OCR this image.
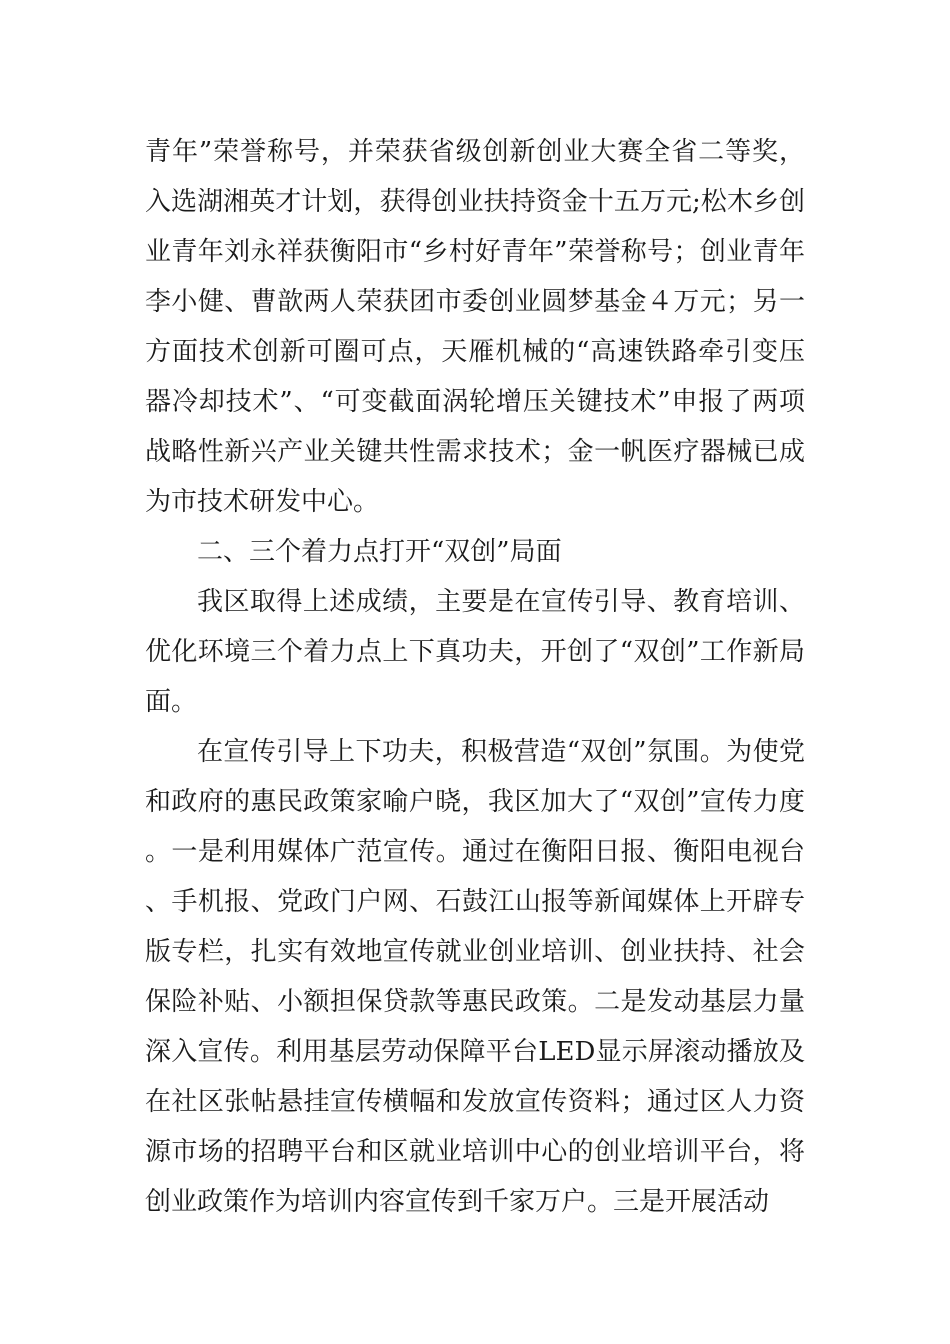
青年”荣誉称号，并荣获省级创新创业大赛全省二等奖，入选湖湘英才计划，获得创业扶持资金十五万元;松木乡创业青年刘永祥获衡阳市“乡村好青年”荣誉称号；创业青年李小健、曹歆两人荣获团市委创业圆梦基金４万元；另一方面技术创新可圈可点，天雁机械的“高速铁路牵引变压器冷却技术”、“可变截面涡轮增压关键技术”申报了两项战略性新兴产业关键共性需求技术；金一帆医疗器械已成为市技术研发中心。

二、三个着力点打开“双创”局面

我区取得上述成绩，主要是在宣传引导、教育培训、优化环境三个着力点上下真功夫，开创了“双创”工作新局面。

在宣传引导上下功夫，积极营造“双创”氛围。为使党和政府的惠民政策家喻户晓，我区加大了“双创”宣传力度。一是利用媒体广范宣传。通过在衡阳日报、衡阳电视台、手机报、党政门户网、石鼓江山报等新闻媒体上开辟专版专栏，扎实有效地宣传就业创业培训、创业扶持、社会保险补贴、小额担保贷款等惠民政策。二是发动基层力量深入宣传。利用基层劳动保障平台LED显示屏滚动播放及在社区张帖悬挂宣传横幅和发放宣传资料；通过区人力资源市场的招聘平台和区就业培训中心的创业培训平台，将创业政策作为培训内容宣传到千家万户。三是开展活动
